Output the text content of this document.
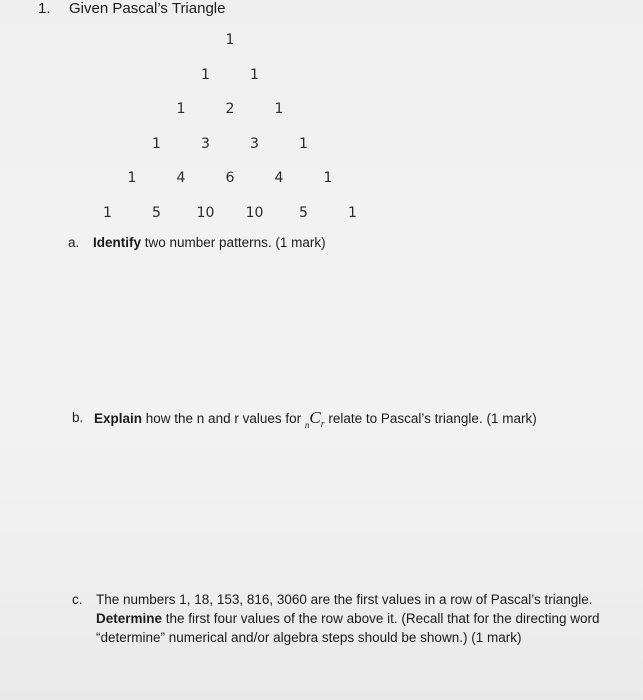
1. Given Pascal’s Triangle
1
1	1
1	2	1
1	3	3	1
1	4	6	4	1
1	5	10 10	5	1
a. Identify two number patterns. (1 mark)
b. Explain how the n and r values for $_nC_r$ relate to Pascal’s triangle. (1 mark)
c. The numbers 1, 18, 153, 816, 3060 are the first values in a row of Pascal’s triangle.
Determine the first four values of the row above it. (Recall that for the directing word
“determine” numerical and/or algebra steps should be shown.) (1 mark)
